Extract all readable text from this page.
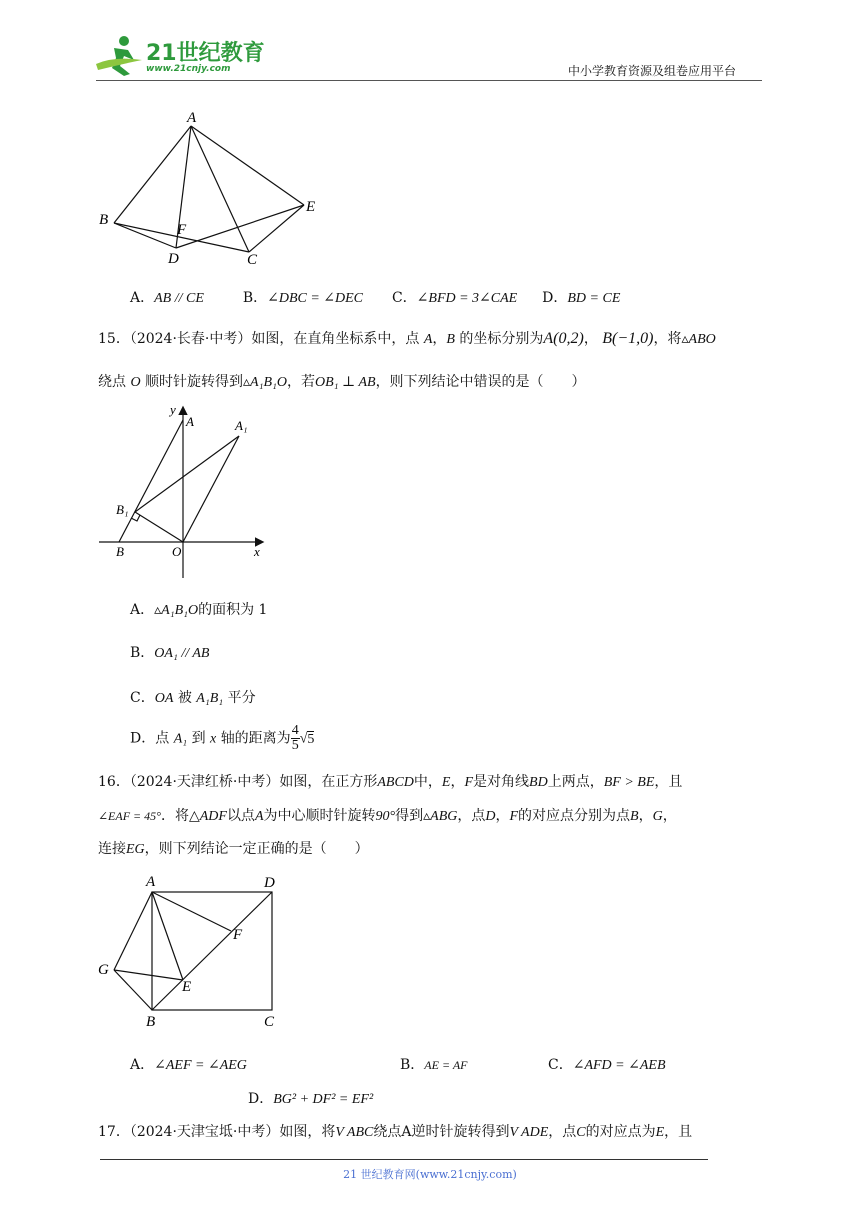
21世纪教育
www.21cnjy.com	中小学教育资源及组卷应用平台
A
B
F
D	C
E
A．AB // CE	B．∠DBC = ∠DEC C．∠BFD = 3∠CAE D．BD = CE
15．（2024·长春·中考）如图，在直角坐标系中，点 A，B 的坐标分别为A(0,2)， B(−1,0)，将▵ABO
绕点 O 顺时针旋转得到▵A₁B₁O，若OB₁ ⊥ AB，则下列结论中错误的是（　　）
y
A	A₁
B₁
B	O	x
A．▵A₁B₁O的面积为 1
B．OA₁ // AB
C．OA 被 A₁B₁ 平分
D．点 A₁ 到 x 轴的距离为 $\frac{4}{5} √5$
16．（2024·天津红桥·中考）如图，在正方形ABCD中，E，F是对角线BD上两点，BF > BE，且
∠EAF = 45°．将△ADF以点A为中心顺时针旋转90°得到▵ABG，点D，F的对应点分别为点B，G，
连接EG，则下列结论一定正确的是（　　）
A	D
F
G
E
B	C
A．∠AEF = ∠AEG	B．AE = AF	C．∠AFD = ∠AEB
D．BG² + DF² = EF²
17．（2024·天津宝坻·中考）如图，将V ABC绕点A逆时针旋转得到V ADE，点C的对应点为E，且
21 世纪教育网(www.21cnjy.com)
